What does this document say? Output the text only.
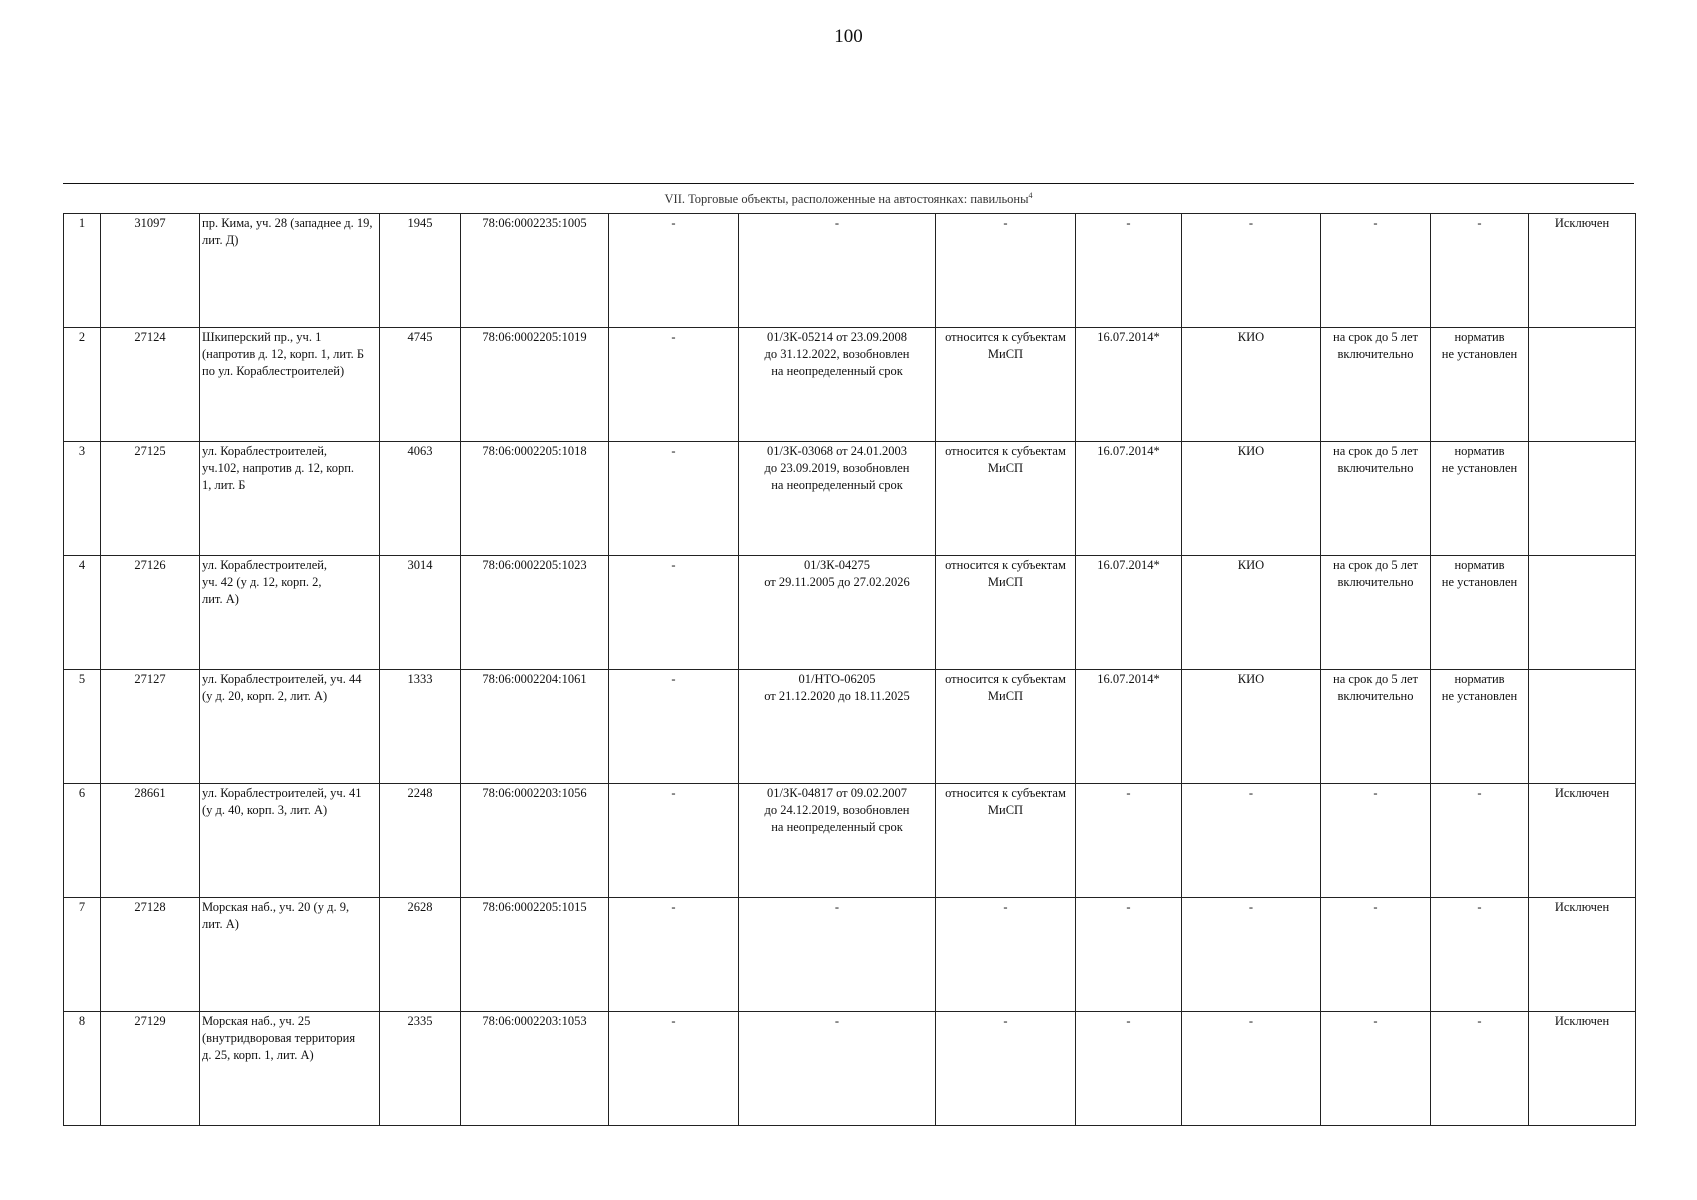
100
VII. Торговые объекты, расположенные на автостоянках: павильоны$^4$
1	31097	пр. Кима, уч. 28 (западнее д. 19, лит. Д)	1945	78:06:0002235:1005	-	-	-	-	-	-	-	Исключен
2	27124	Шкиперский пр., уч. 1 (напротив д. 12, корп. 1, лит. Б по ул. Кораблестроителей)	4745	78:06:0002205:1019	-	01/ЗК-05214 от 23.09.2008
до 31.12.2022, возобновлен
на неопределенный срок	относится к субъектам
МиСП	16.07.2014*	КИО	на срок до 5 лет
включительно	норматив
не установлен	
3	27125	ул. Кораблестроителей,
уч.102, напротив д. 12, корп.
1, лит. Б	4063	78:06:0002205:1018	-	01/ЗК-03068 от 24.01.2003
до 23.09.2019, возобновлен
на неопределенный срок	относится к субъектам
МиСП	16.07.2014*	КИО	на срок до 5 лет
включительно	норматив
не установлен	
4	27126	ул. Кораблестроителей,
уч. 42 (у д. 12, корп. 2,
лит. А)	3014	78:06:0002205:1023	-	01/ЗК-04275
от 29.11.2005 до 27.02.2026	относится к субъектам
МиСП	16.07.2014*	КИО	на срок до 5 лет
включительно	норматив
не установлен	
5	27127	ул. Кораблестроителей, уч. 44
(у д. 20, корп. 2, лит. А)	1333	78:06:0002204:1061	-	01/НТО-06205
от 21.12.2020 до 18.11.2025	относится к субъектам
МиСП	16.07.2014*	КИО	на срок до 5 лет
включительно	норматив
не установлен	
6	28661	ул. Кораблестроителей, уч. 41
(у д. 40, корп. 3, лит. А)	2248	78:06:0002203:1056	-	01/ЗК-04817 от 09.02.2007
до 24.12.2019, возобновлен
на неопределенный срок	относится к субъектам
МиСП	-	-	-	-	Исключен
7	27128	Морская наб., уч. 20 (у д. 9,
лит. А)	2628	78:06:0002205:1015	-	-	-	-	-	-	-	Исключен
8	27129	Морская наб., уч. 25
(внутридворовая территория
д. 25, корп. 1, лит. А)	2335	78:06:0002203:1053	-	-	-	-	-	-	-	Исключен
